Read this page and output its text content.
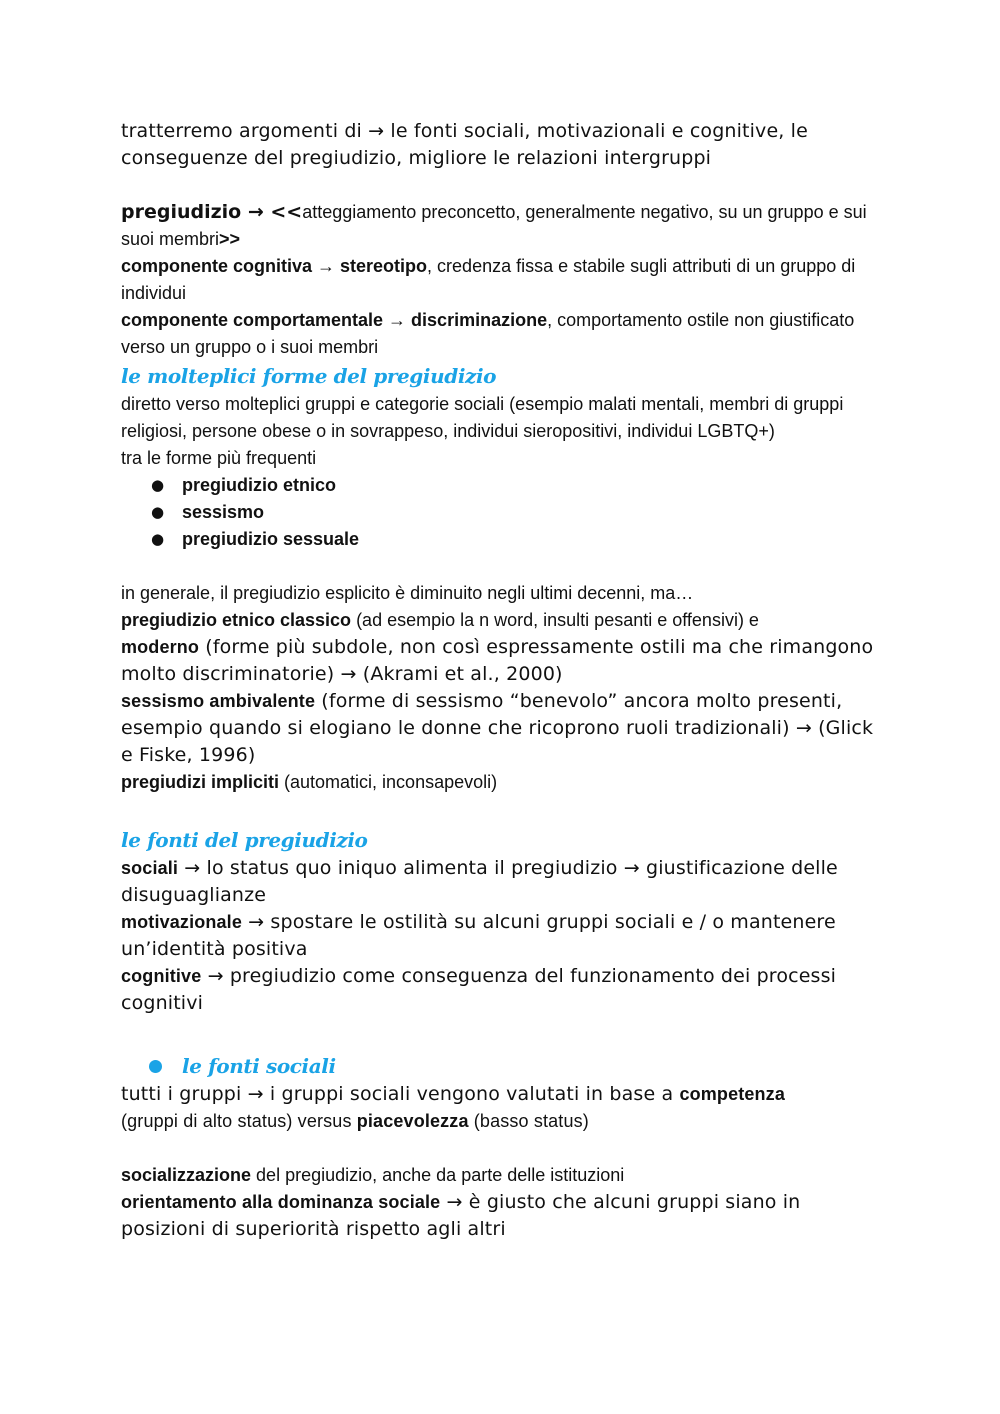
tratterremo argomenti di → le fonti sociali, motivazionali e cognitive, le conseguenze del pregiudizio, migliore le relazioni intergruppi

pregiudizio → <<atteggiamento preconcetto, generalmente negativo, su un gruppo e sui suoi membri>>

componente cognitiva → stereotipo, credenza fissa e stabile sugli attributi di un gruppo di individui

componente comportamentale → discriminazione, comportamento ostile non giustificato verso un gruppo o i suoi membri

le molteplici forme del pregiudizio

diretto verso molteplici gruppi e categorie sociali (esempio malati mentali, membri di gruppi religiosi, persone obese o in sovrappeso, individui sieropositivi, individui LGBTQ+)

tra le forme più frequenti

● pregiudizio etnico
● sessismo
● pregiudizio sessuale

in generale, il pregiudizio esplicito è diminuito negli ultimi decenni, ma…

pregiudizio etnico classico (ad esempio la n word, insulti pesanti e offensivi) e

moderno (forme più subdole, non così espressamente ostili ma che rimangono molto discriminatorie) → (Akrami et al., 2000)

sessismo ambivalente (forme di sessismo “benevolo” ancora molto presenti, esempio quando si elogiano le donne che ricoprono ruoli tradizionali) → (Glick e Fiske, 1996)

pregiudizi impliciti (automatici, inconsapevoli)

le fonti del pregiudizio

sociali → lo status quo iniquo alimenta il pregiudizio → giustificazione delle disuguaglianze

motivazionale → spostare le ostilità su alcuni gruppi sociali e / o mantenere un’identità positiva

cognitive → pregiudizio come conseguenza del funzionamento dei processi cognitivi

le fonti sociali

tutti i gruppi → i gruppi sociali vengono valutati in base a competenza
(gruppi di alto status) versus piacevolezza (basso status)

socializzazione del pregiudizio, anche da parte delle istituzioni

orientamento alla dominanza sociale → è giusto che alcuni gruppi siano in posizioni di superiorità rispetto agli altri
